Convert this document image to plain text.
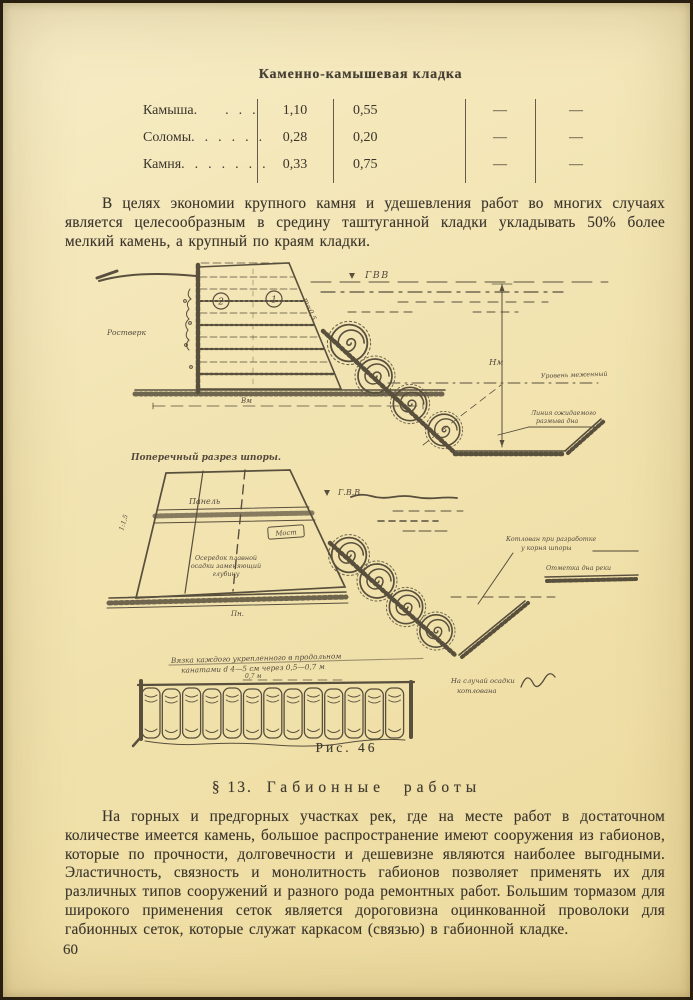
Каменно-камышевая кладка
Камыша .      .  .  .	1,10	0,55	—	—
Соломы .  .  .  .  .  .	0,28	0,20	—	—
Камня .  .  .  .  .  .  .	0,33	0,75	—	—
В целях экономии крупного камня и удешевления работ во многих случаях является целесообразным в средину таштуганной кладки укладывать 50% более мелкий камень, а крупный по краям кладки.
2	1	m=0,5
Ростверк
ГВВ
Нм
Уровень меженный
Вм
Линия ожидаемого
размыва дна
Поперечный разрез шпоры.
Панель
Мост
Осередок плавной
осадки заменяющий
глубину
1:1,5
Г.В.В.
Котлован при разработке
у корня шпоры
Отметка дна реки
Пн.
Вязка каждого укрепленного в продольном
канатами d 4—5 см через 0,5—0,7 м
0,7 м
На случай осадки
котлована
Рис. 46
§ 13. Габионные работы
На горных и предгорных участках рек, где на месте работ в достаточном количестве имеется камень, большое распространение имеют сооружения из габионов, которые по прочности, долговечности и дешевизне являются наиболее выгодными. Эластичность, связность и монолитность габионов позволяет применять их для различных типов сооружений и разного рода ремонтных работ. Большим тормазом для широкого применения сеток является дороговизна оцинкованной проволоки для габионных сеток, которые служат каркасом (связью) в габионной кладке.
60
